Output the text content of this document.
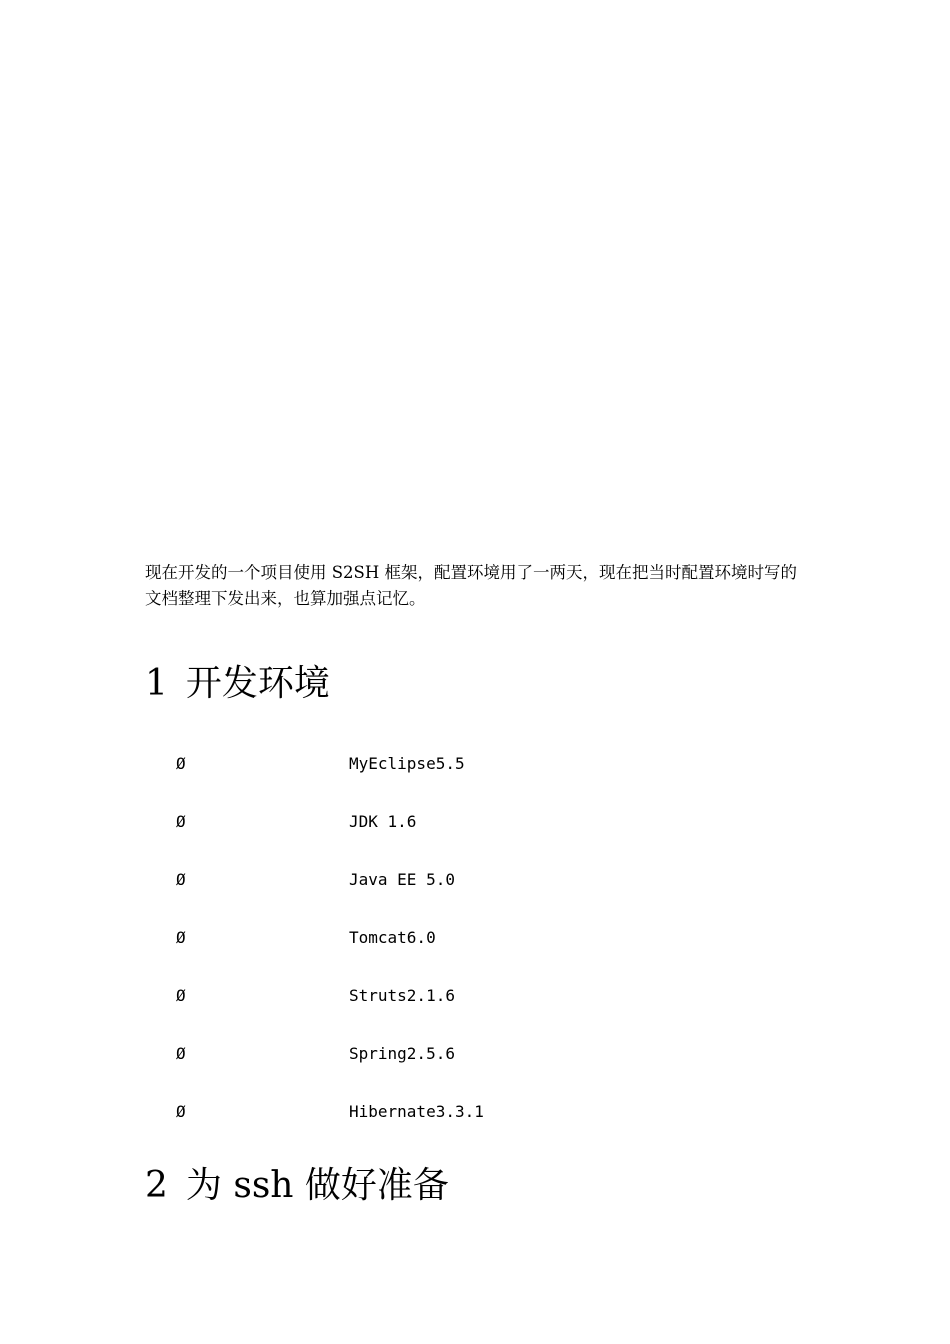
现在开发的一个项目使用 S2SH 框架，配置环境用了一两天，现在把当时配置环境时写的文档整理下发出来，也算加强点记忆。

1 开发环境
Ø	MyEclipse5.5
Ø	JDK 1.6
Ø	Java EE 5.0
Ø	Tomcat6.0
Ø	Struts2.1.6
Ø	Spring2.5.6
Ø	Hibernate3.3.1
2 为 ssh 做好准备
